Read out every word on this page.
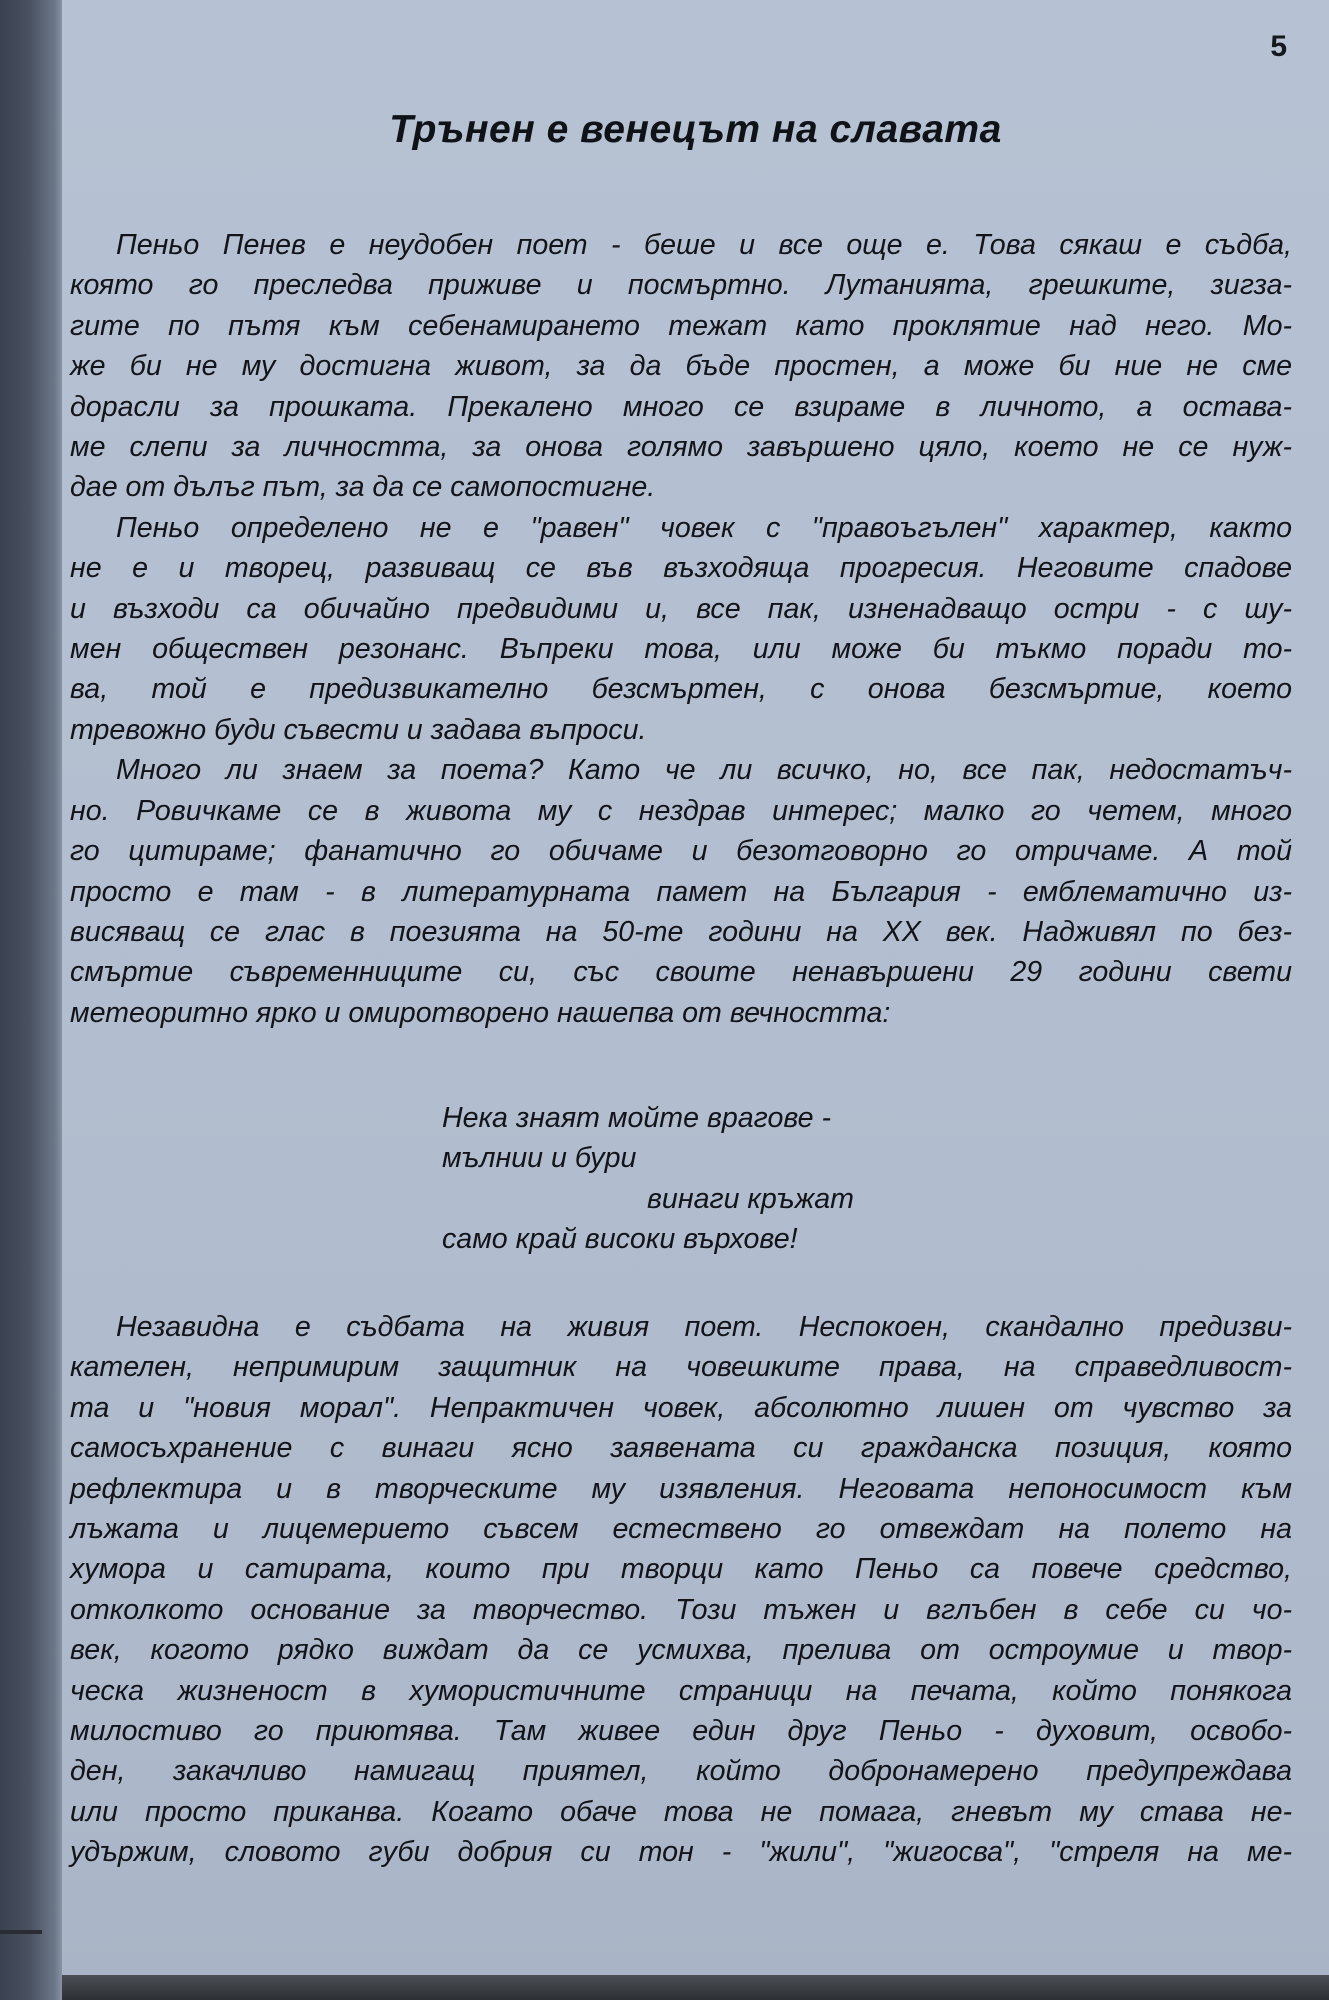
5
Трънен е венецът на славата
Пеньо Пенев е неудобен поет - беше и все още е. Това сякаш е съдба,
която го преследва приживе и посмъртно. Лутанията, грешките, зигза-
гите по пътя към себенамирането тежат като проклятие над него. Мо-
же би не му достигна живот, за да бъде простен, а може би ние не сме
дорасли за прошката. Прекалено много се взираме в личното, а остава-
ме слепи за личността, за онова голямо завършено цяло, което не се нуж-
дае от дълъг път, за да се самопостигне.
Пеньо определено не е "равен" човек с "правоъгълен" характер, както
не е и творец, развиващ се във възходяща прогресия. Неговите спадове
и възходи са обичайно предвидими и, все пак, изненадващо остри - с шу-
мен обществен резонанс. Въпреки това, или може би тъкмо поради то-
ва, той е предизвикателно безсмъртен, с онова безсмъртие, което
тревожно буди съвести и задава въпроси.
Много ли знаем за поета? Като че ли всичко, но, все пак, недостатъч-
но. Ровичкаме се в живота му с нездрав интерес; малко го четем, много
го цитираме; фанатично го обичаме и безотговорно го отричаме. А той
просто е там - в литературната памет на България - емблематично из-
висяващ се глас в поезията на 50-те години на ХХ век. Надживял по без-
смъртие съвременниците си, със своите ненавършени 29 години свети
метеоритно ярко и омиротворено нашепва от вечността:
Нека знаят мойте врагове -
мълнии и бури
винаги кръжат
само край високи върхове!
Незавидна е съдбата на живия поет. Неспокоен, скандално предизви-
кателен, непримирим защитник на човешките права, на справедливост-
та и "новия морал". Непрактичен човек, абсолютно лишен от чувство за
самосъхранение с винаги ясно заявената си гражданска позиция, която
рефлектира и в творческите му изявления. Неговата непоносимост към
лъжата и лицемерието съвсем естествено го отвеждат на полето на
хумора и сатирата, които при творци като Пеньо са повече средство,
отколкото основание за творчество. Този тъжен и вглъбен в себе си чо-
век, когото рядко виждат да се усмихва, прелива от остроумие и твор-
ческа жизненост в хумористичните страници на печата, който понякога
милостиво го приютява. Там живее един друг Пеньо - духовит, освобо-
ден, закачливо намигащ приятел, който добронамерено предупреждава
или просто приканва. Когато обаче това не помага, гневът му става не-
удържим, словото губи добрия си тон - "жили", "жигосва", "стреля на ме-
